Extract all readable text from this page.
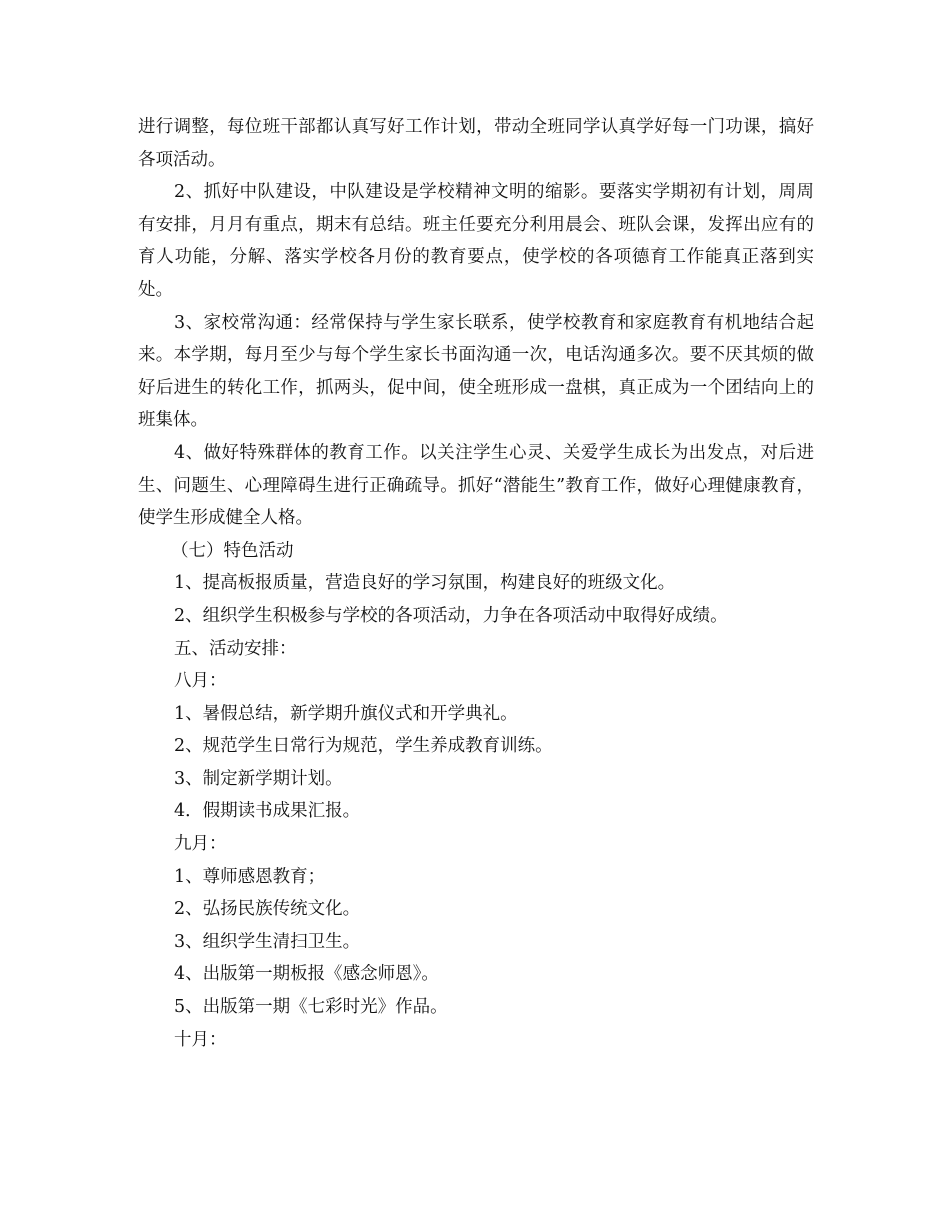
进行调整，每位班干部都认真写好工作计划，带动全班同学认真学好每一门功课，搞好各项活动。

2、抓好中队建设，中队建设是学校精神文明的缩影。要落实学期初有计划，周周有安排，月月有重点，期末有总结。班主任要充分利用晨会、班队会课，发挥出应有的育人功能，分解、落实学校各月份的教育要点，使学校的各项德育工作能真正落到实处。

3、家校常沟通：经常保持与学生家长联系，使学校教育和家庭教育有机地结合起来。本学期，每月至少与每个学生家长书面沟通一次，电话沟通多次。要不厌其烦的做好后进生的转化工作，抓两头，促中间，使全班形成一盘棋，真正成为一个团结向上的班集体。

4、做好特殊群体的教育工作。以关注学生心灵、关爱学生成长为出发点，对后进生、问题生、心理障碍生进行正确疏导。抓好“潜能生”教育工作，做好心理健康教育，使学生形成健全人格。

（七）特色活动

1、提高板报质量，营造良好的学习氛围，构建良好的班级文化。

2、组织学生积极参与学校的各项活动，力争在各项活动中取得好成绩。

五、活动安排：

八月：

1、暑假总结，新学期升旗仪式和开学典礼。

2、规范学生日常行为规范，学生养成教育训练。

3、制定新学期计划。

4．假期读书成果汇报。

九月：

1、尊师感恩教育；

2、弘扬民族传统文化。

3、组织学生清扫卫生。

4、出版第一期板报《感念师恩》。

5、出版第一期《七彩时光》作品。

十月：
